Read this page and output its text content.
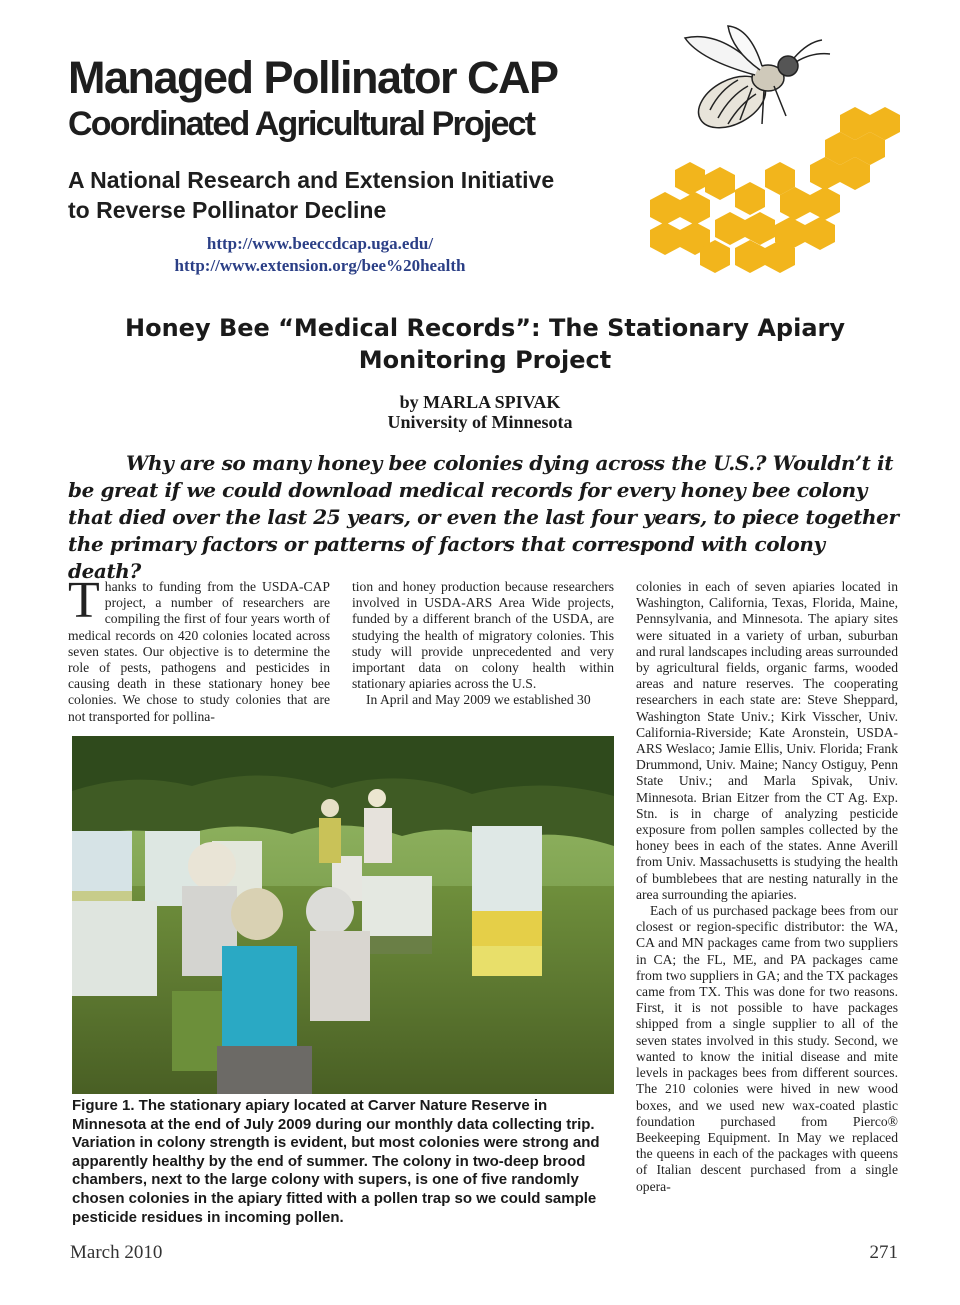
Managed Pollinator CAP
Coordinated Agricultural Project
A National Research and Extension Initiative
to Reverse Pollinator Decline
http://www.beeccdcap.uga.edu/
http://www.extension.org/bee%20health
Honey Bee “Medical Records”: The Stationary Apiary Monitoring Project
by MARLA SPIVAK
University of Minnesota
Why are so many honey bee colonies dying across the U.S.? Wouldn’t it be great if we could download medical records for every honey bee colony that died over the last 25 years, or even the last four years, to piece together the primary factors or patterns of factors that correspond with colony death?

Thanks to funding from the USDA-CAP project, a number of researchers are compiling the first of four years worth of medical records on 420 colonies located across seven states. Our objective is to determine the role of pests, pathogens and pesticides in causing death in these stationary honey bee colonies. We chose to study colonies that are not transported for pollina-

tion and honey production because researchers involved in USDA-ARS Area Wide projects, funded by a different branch of the USDA, are studying the health of migratory colonies. This study will provide unprecedented and very important data on colony health within stationary apiaries across the U.S.

In April and May 2009 we established 30

colonies in each of seven apiaries located in Washington, California, Texas, Florida, Maine, Pennsylvania, and Minnesota. The apiary sites were situated in a variety of urban, suburban and rural landscapes including areas surrounded by agricultural fields, organic farms, wooded areas and nature reserves. The cooperating researchers in each state are: Steve Sheppard, Washington State Univ.; Kirk Visscher, Univ. California-Riverside; Kate Aronstein, USDA-ARS Weslaco; Jamie Ellis, Univ. Florida; Frank Drummond, Univ. Maine; Nancy Ostiguy, Penn State Univ.; and Marla Spivak, Univ. Minnesota. Brian Eitzer from the CT Ag. Exp. Stn. is in charge of analyzing pesticide exposure from pollen samples collected by the honey bees in each of the states. Anne Averill from Univ. Massachusetts is studying the health of bumblebees that are nesting naturally in the area surrounding the apiaries.

Each of us purchased package bees from our closest or region-specific distributor: the WA, CA and MN packages came from two suppliers in CA; the FL, ME, and PA packages came from two suppliers in GA; and the TX packages came from TX. This was done for two reasons. First, it is not possible to have packages shipped from a single supplier to all of the seven states involved in this study. Second, we wanted to know the initial disease and mite levels in packages bees from different sources. The 210 colonies were hived in new wood boxes, and we used new wax-coated plastic foundation purchased from Pierco® Beekeeping Equipment. In May we replaced the queens in each of the packages with queens of Italian descent purchased from a single opera-

Figure 1. The stationary apiary located at Carver Nature Reserve in Minnesota at the end of July 2009 during our monthly data collecting trip. Variation in colony strength is evident, but most colonies were strong and apparently healthy by the end of summer. The colony in two-deep brood chambers, next to the large colony with supers, is one of five randomly chosen colonies in the apiary fitted with a pollen trap so we could sample pesticide residues in incoming pollen.
March 2010	271
